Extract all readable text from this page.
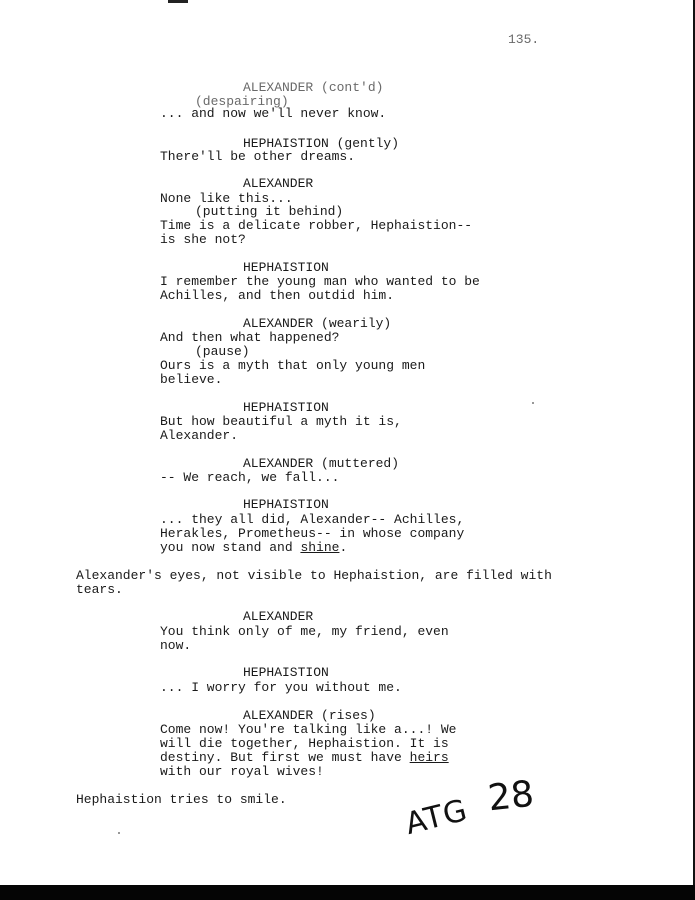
135.
ALEXANDER (cont'd)
(despairing)
... and now we'll never know.
HEPHAISTION (gently)
There'll be other dreams.
ALEXANDER
None like this...
(putting it behind)
Time is a delicate robber, Hephaistion--
is she not?
HEPHAISTION
I remember the young man who wanted to be
Achilles, and then outdid him.
ALEXANDER (wearily)
And then what happened?
(pause)
Ours is a myth that only young men
believe.
HEPHAISTION
But how beautiful a myth it is,
Alexander.
ALEXANDER (muttered)
-- We reach, we fall...
HEPHAISTION
... they all did, Alexander-- Achilles,
Herakles, Prometheus-- in whose company
you now stand and shine.
Alexander's eyes, not visible to Hephaistion, are filled with
tears.
ALEXANDER
You think only of me, my friend, even
now.
HEPHAISTION
... I worry for you without me.
ALEXANDER (rises)
Come now! You're talking like a...! We
will die together, Hephaistion. It is
destiny. But first we must have heirs
with our royal wives!
Hephaistion tries to smile.	ATG 28
